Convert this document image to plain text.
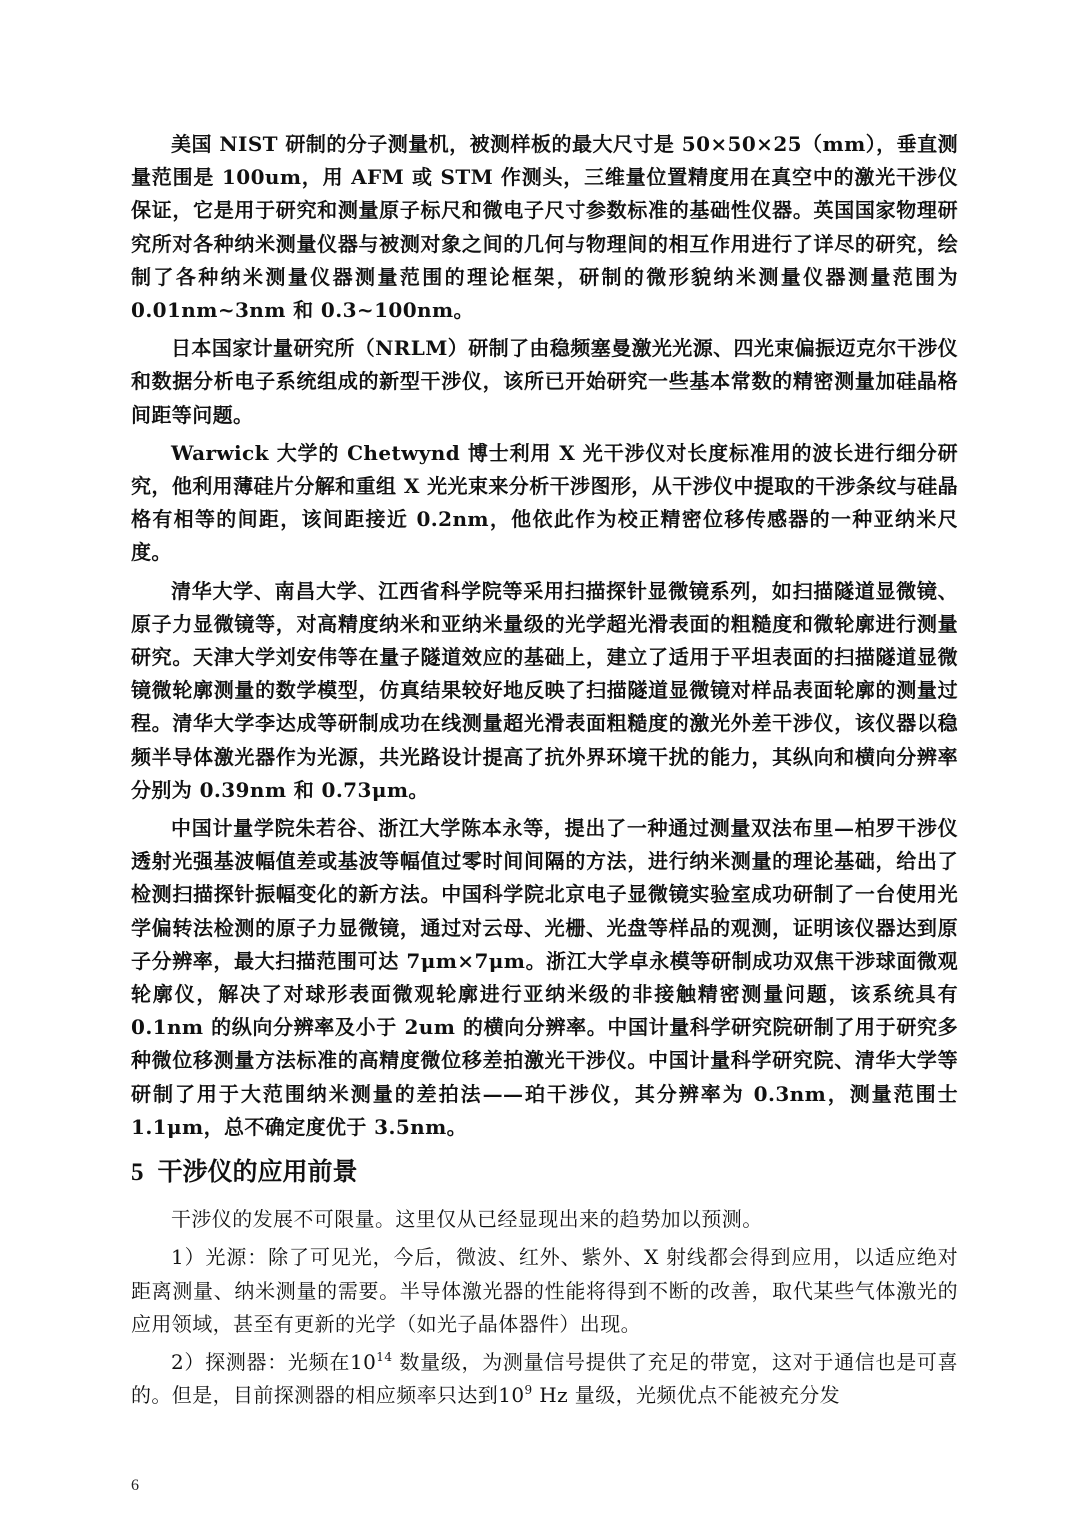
美国 NIST 研制的分子测量机，被测样板的最大尺寸是 50×50×25（mm），垂直测量范围是 100um，用 AFM 或 STM 作测头，三维量位置精度用在真空中的激光干涉仪保证，它是用于研究和测量原子标尺和微电子尺寸参数标准的基础性仪器。英国国家物理研究所对各种纳米测量仪器与被测对象之间的几何与物理间的相互作用进行了详尽的研究，绘制了各种纳米测量仪器测量范围的理论框架，研制的微形貌纳米测量仪器测量范围为 0.01nm~3nm 和 0.3~100nm。

日本国家计量研究所（NRLM）研制了由稳频塞曼激光光源、四光束偏振迈克尔干涉仪和数据分析电子系统组成的新型干涉仪，该所已开始研究一些基本常数的精密测量加硅晶格间距等问题。

Warwick 大学的 Chetwynd 博士利用 X 光干涉仪对长度标准用的波长进行细分研究，他利用薄硅片分解和重组 X 光光束来分析干涉图形，从干涉仪中提取的干涉条纹与硅晶格有相等的间距，该间距接近 0.2nm，他依此作为校正精密位移传感器的一种亚纳米尺度。

清华大学、南昌大学、江西省科学院等采用扫描探针显微镜系列，如扫描隧道显微镜、原子力显微镜等，对高精度纳米和亚纳米量级的光学超光滑表面的粗糙度和微轮廓进行测量研究。天津大学刘安伟等在量子隧道效应的基础上，建立了适用于平坦表面的扫描隧道显微镜微轮廓测量的数学模型，仿真结果较好地反映了扫描隧道显微镜对样品表面轮廓的测量过程。清华大学李达成等研制成功在线测量超光滑表面粗糙度的激光外差干涉仪，该仪器以稳频半导体激光器作为光源，共光路设计提高了抗外界环境干扰的能力，其纵向和横向分辨率分别为 0.39nm 和 0.73μm。

中国计量学院朱若谷、浙江大学陈本永等，提出了一种通过测量双法布里—柏罗干涉仪透射光强基波幅值差或基波等幅值过零时间间隔的方法，进行纳米测量的理论基础，给出了检测扫描探针振幅变化的新方法。中国科学院北京电子显微镜实验室成功研制了一台使用光学偏转法检测的原子力显微镜，通过对云母、光栅、光盘等样品的观测，证明该仪器达到原子分辨率，最大扫描范围可达 7μm×7μm。浙江大学卓永模等研制成功双焦干涉球面微观轮廓仪，解决了对球形表面微观轮廓进行亚纳米级的非接触精密测量问题，该系统具有 0.1nm 的纵向分辨率及小于 2um 的横向分辨率。中国计量科学研究院研制了用于研究多种微位移测量方法标准的高精度微位移差拍激光干涉仪。中国计量科学研究院、清华大学等研制了用于大范围纳米测量的差拍法——珀干涉仪，其分辨率为 0.3nm，测量范围士 1.1μm，总不确定度优于 3.5nm。

5 干涉仪的应用前景

干涉仪的发展不可限量。这里仅从已经显现出来的趋势加以预测。

1）光源：除了可见光，今后，微波、红外、紫外、X 射线都会得到应用，以适应绝对距离测量、纳米测量的需要。半导体激光器的性能将得到不断的改善，取代某些气体激光的应用领域，甚至有更新的光学（如光子晶体器件）出现。

2）探测器：光频在$10^{14}$ 数量级，为测量信号提供了充足的带宽，这对于通信也是可喜的。但是，目前探测器的相应频率只达到$10^9$ Hz 量级，光频优点不能被充分发

6
